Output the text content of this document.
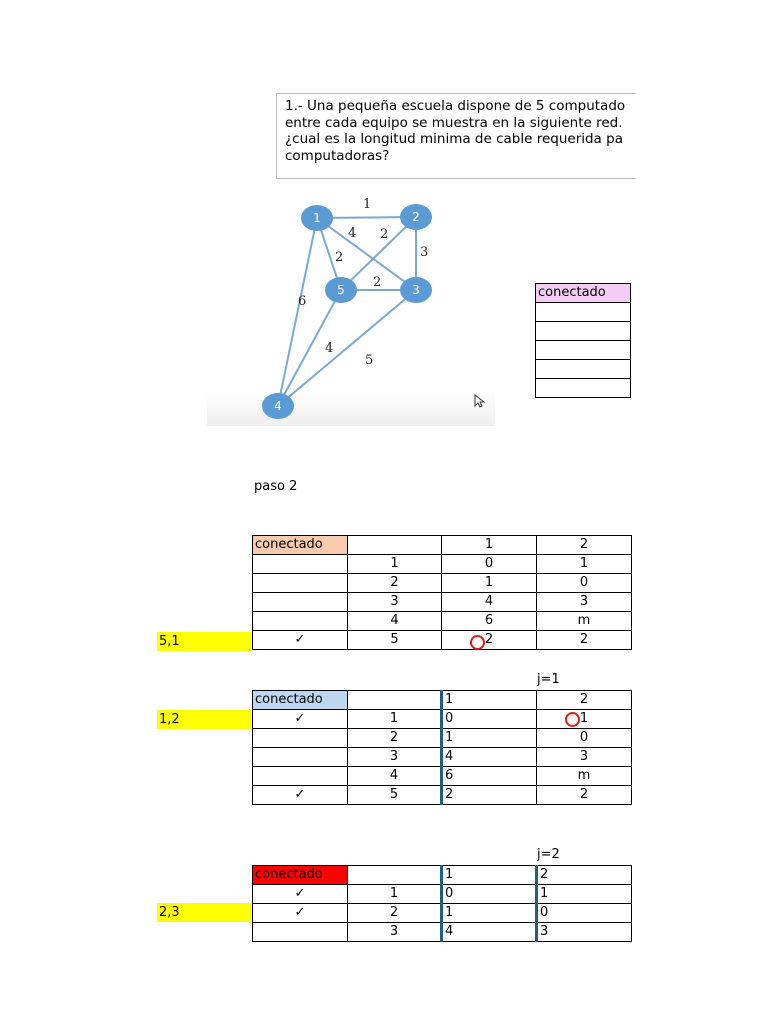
1.- Una pequeña escuela dispone de 5 computado
entre cada equipo se muestra en la siguiente red.
¿cual es la longitud minima de cable requerida pa
computadoras?
1
4 2
2	3
2
6
4
5
1	2
3
4
5	conectado

paso 2
conectado		1	2
	1	0	1
	2	1	0
	3	4	3
	4	6	m
✓	5	2	2
5,1
j=1
conectado		1	2
✓	1	0	1
	2	1	0
	3	4	3
	4	6	m
✓	5	2	2
1,2
j=2
conectado		1	2
✓	1	0	1
✓	2	1	0
	3	4	3
2,3
